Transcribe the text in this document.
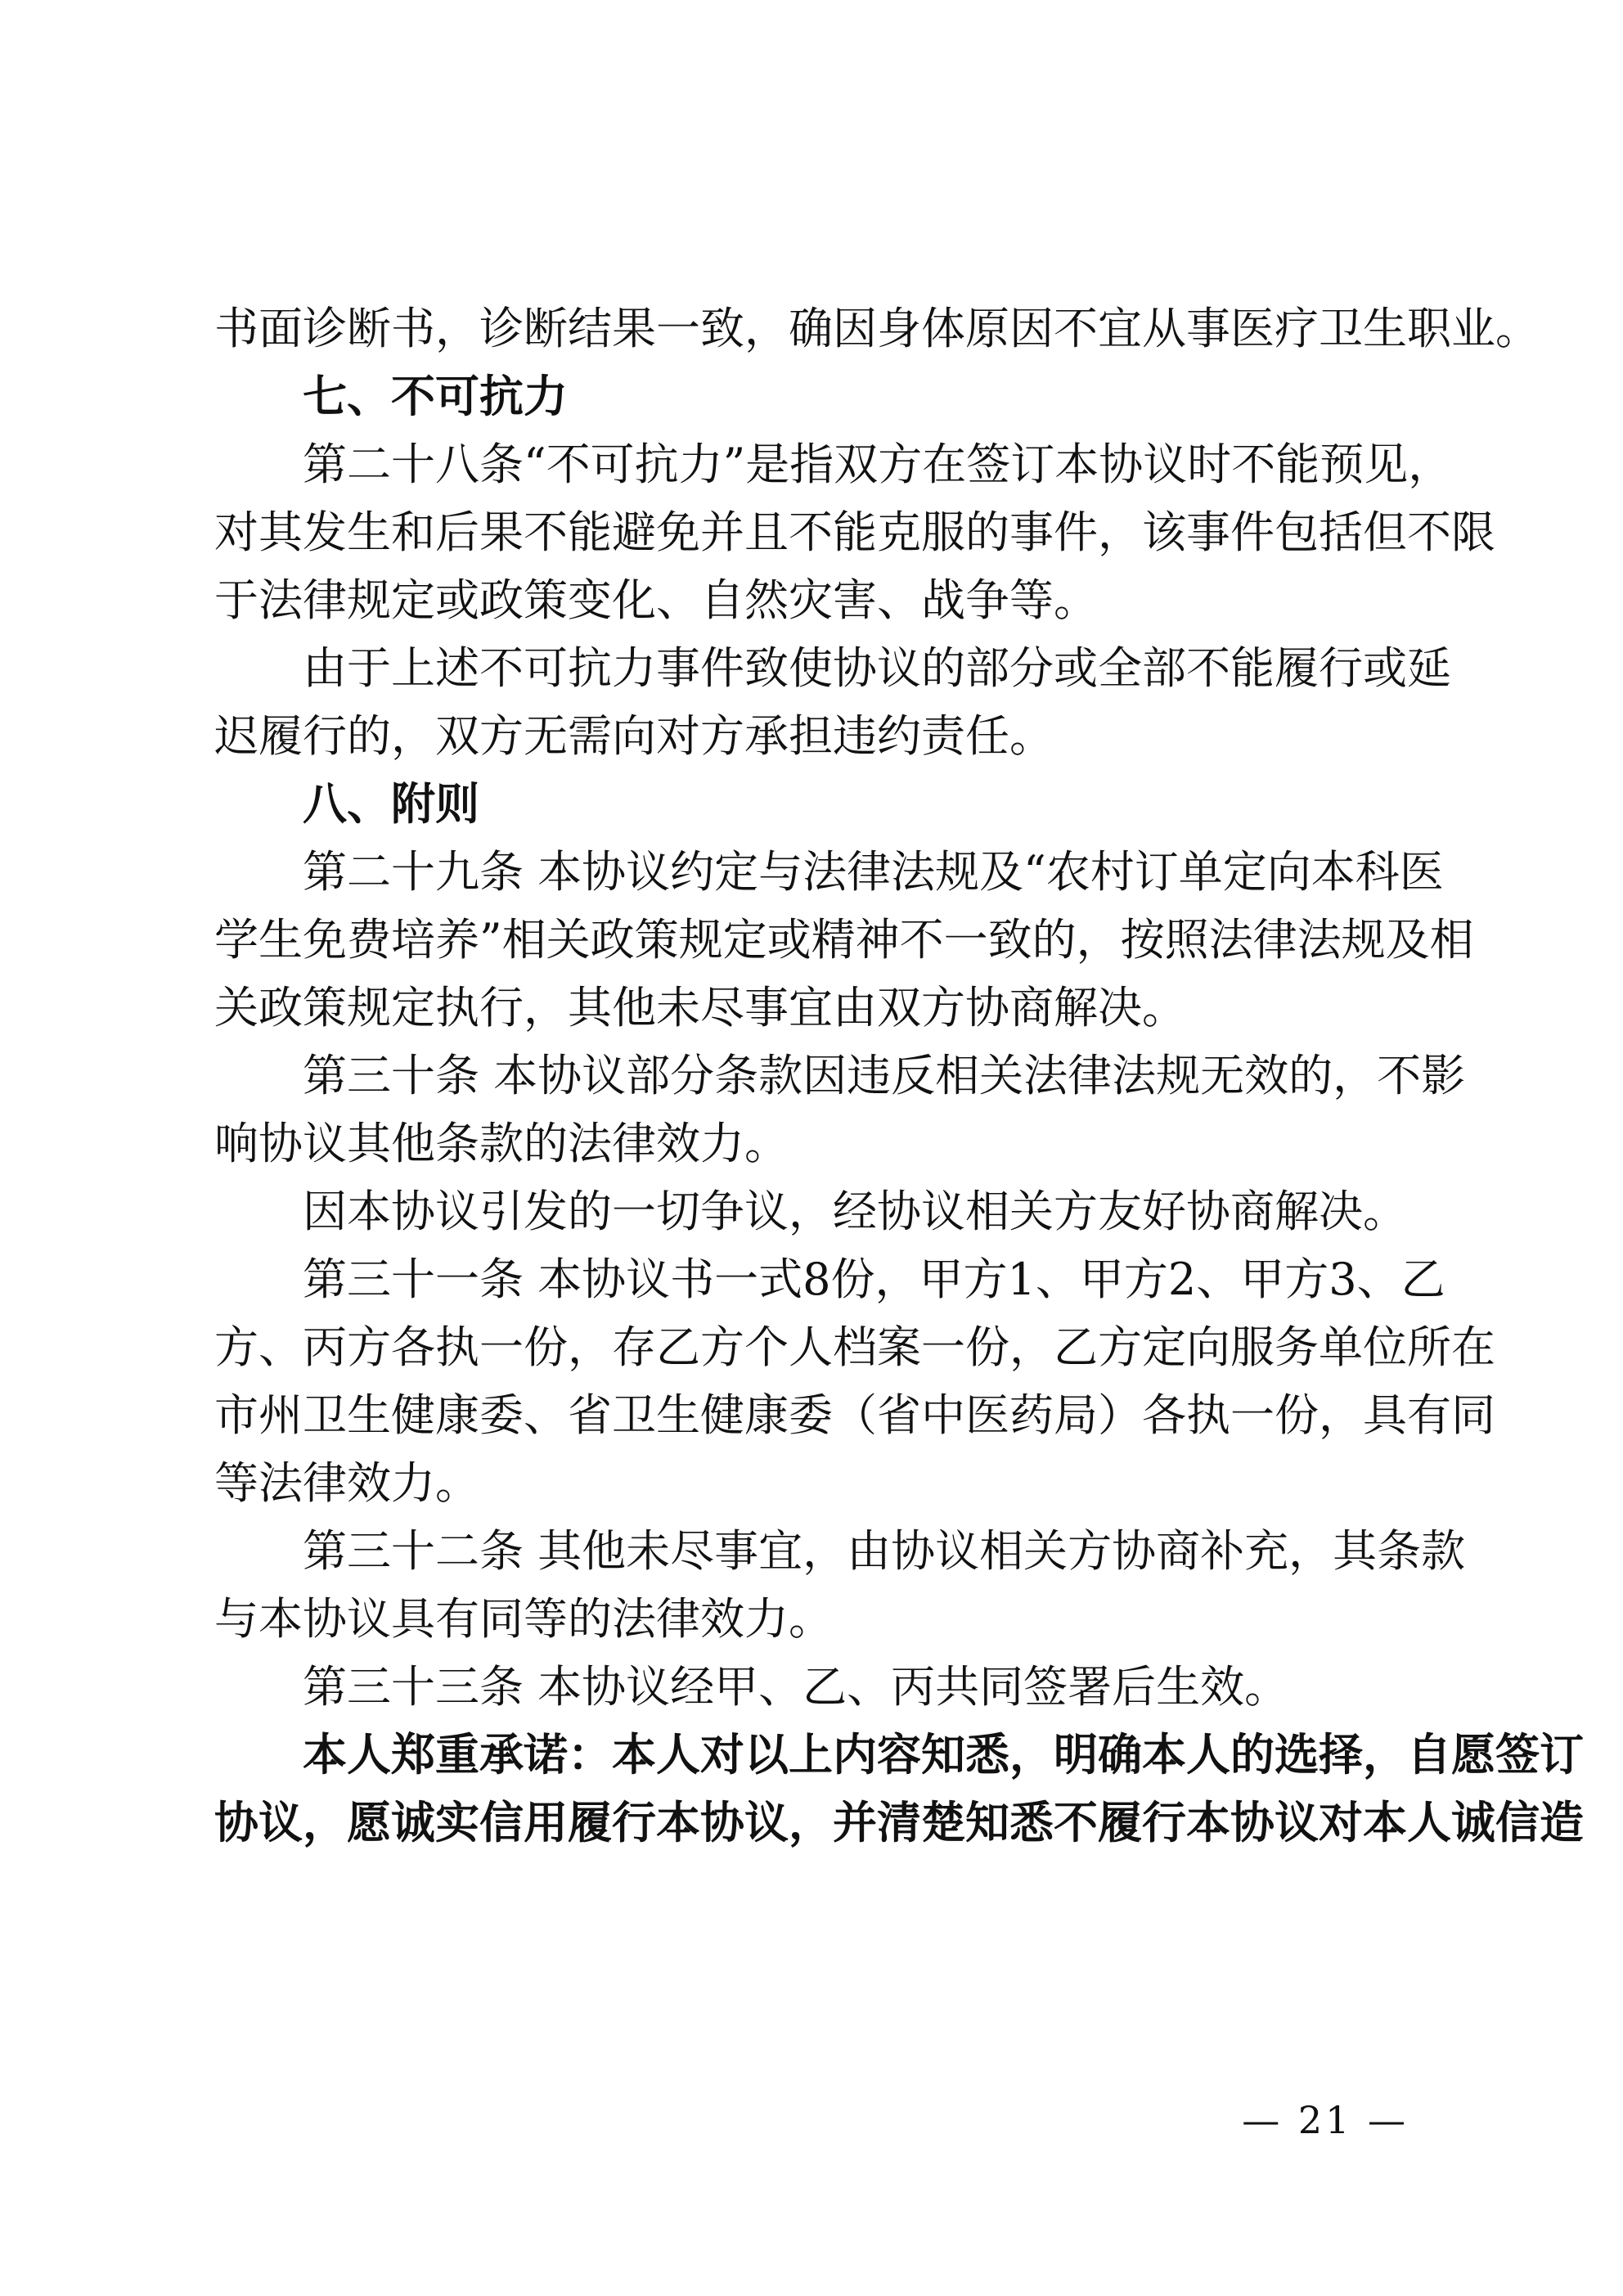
书面诊断书，诊断结果一致，确因身体原因不宜从事医疗卫生职业。
七、不可抗力
第二十八条“不可抗力”是指双方在签订本协议时不能预见，
对其发生和后果不能避免并且不能克服的事件，该事件包括但不限
于法律规定或政策变化、自然灾害、战争等。
由于上述不可抗力事件致使协议的部分或全部不能履行或延
迟履行的，双方无需向对方承担违约责任。
八、附则
第二十九条 本协议约定与法律法规及“农村订单定向本科医
学生免费培养”相关政策规定或精神不一致的，按照法律法规及相
关政策规定执行，其他未尽事宜由双方协商解决。
第三十条 本协议部分条款因违反相关法律法规无效的，不影
响协议其他条款的法律效力。
因本协议引发的一切争议，经协议相关方友好协商解决。
第三十一条 本协议书一式8份，甲方1、甲方2、甲方3、乙
方、丙方各执一份，存乙方个人档案一份，乙方定向服务单位所在
市州卫生健康委、省卫生健康委（省中医药局）各执一份，具有同
等法律效力。
第三十二条 其他未尽事宜，由协议相关方协商补充，其条款
与本协议具有同等的法律效力。
第三十三条 本协议经甲、乙、丙共同签署后生效。
本人郑重承诺：本人对以上内容知悉，明确本人的选择，自愿签订
协议，愿诚实信用履行本协议，并清楚知悉不履行本协议对本人诚信造
— 21 —
